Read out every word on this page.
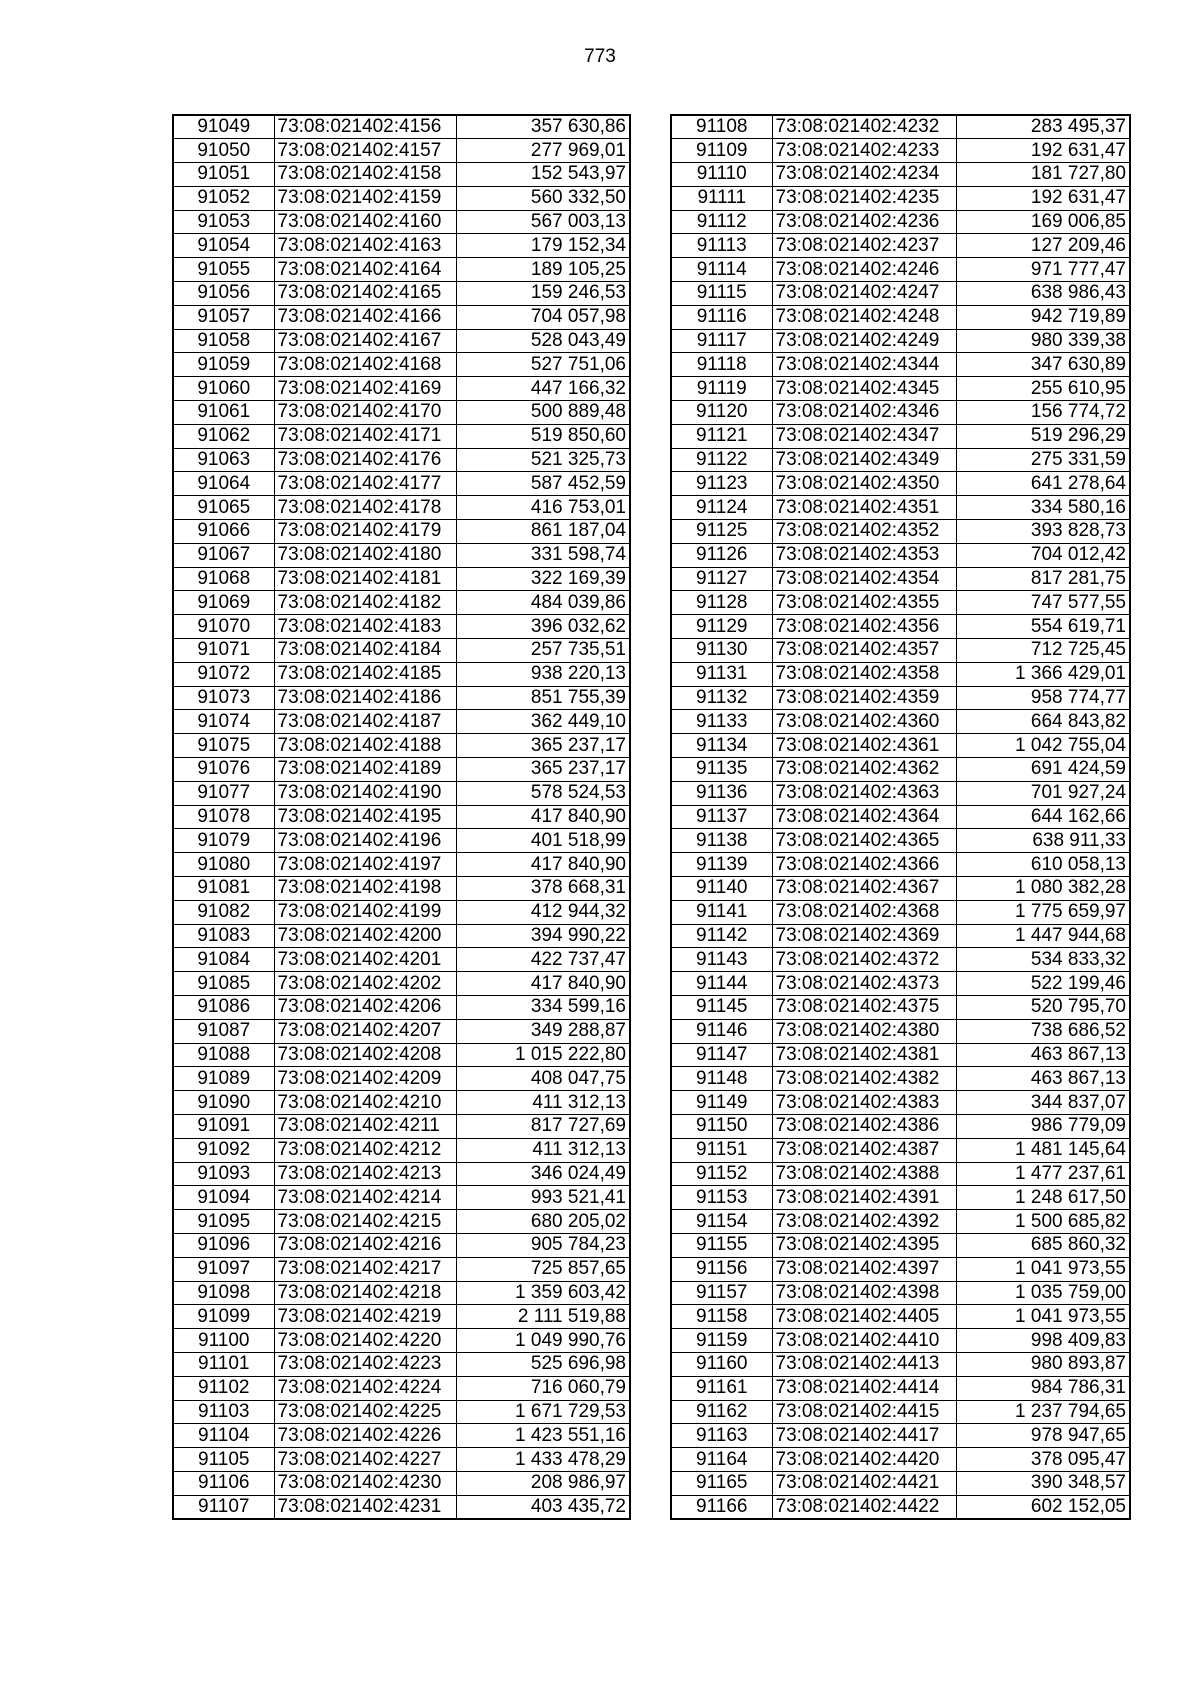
773
91049	73:08:021402:4156	357 630,86
91050	73:08:021402:4157	277 969,01
91051	73:08:021402:4158	152 543,97
91052	73:08:021402:4159	560 332,50
91053	73:08:021402:4160	567 003,13
91054	73:08:021402:4163	179 152,34
91055	73:08:021402:4164	189 105,25
91056	73:08:021402:4165	159 246,53
91057	73:08:021402:4166	704 057,98
91058	73:08:021402:4167	528 043,49
91059	73:08:021402:4168	527 751,06
91060	73:08:021402:4169	447 166,32
91061	73:08:021402:4170	500 889,48
91062	73:08:021402:4171	519 850,60
91063	73:08:021402:4176	521 325,73
91064	73:08:021402:4177	587 452,59
91065	73:08:021402:4178	416 753,01
91066	73:08:021402:4179	861 187,04
91067	73:08:021402:4180	331 598,74
91068	73:08:021402:4181	322 169,39
91069	73:08:021402:4182	484 039,86
91070	73:08:021402:4183	396 032,62
91071	73:08:021402:4184	257 735,51
91072	73:08:021402:4185	938 220,13
91073	73:08:021402:4186	851 755,39
91074	73:08:021402:4187	362 449,10
91075	73:08:021402:4188	365 237,17
91076	73:08:021402:4189	365 237,17
91077	73:08:021402:4190	578 524,53
91078	73:08:021402:4195	417 840,90
91079	73:08:021402:4196	401 518,99
91080	73:08:021402:4197	417 840,90
91081	73:08:021402:4198	378 668,31
91082	73:08:021402:4199	412 944,32
91083	73:08:021402:4200	394 990,22
91084	73:08:021402:4201	422 737,47
91085	73:08:021402:4202	417 840,90
91086	73:08:021402:4206	334 599,16
91087	73:08:021402:4207	349 288,87
91088	73:08:021402:4208	1 015 222,80
91089	73:08:021402:4209	408 047,75
91090	73:08:021402:4210	411 312,13
91091	73:08:021402:4211	817 727,69
91092	73:08:021402:4212	411 312,13
91093	73:08:021402:4213	346 024,49
91094	73:08:021402:4214	993 521,41
91095	73:08:021402:4215	680 205,02
91096	73:08:021402:4216	905 784,23
91097	73:08:021402:4217	725 857,65
91098	73:08:021402:4218	1 359 603,42
91099	73:08:021402:4219	2 111 519,88
91100	73:08:021402:4220	1 049 990,76
91101	73:08:021402:4223	525 696,98
91102	73:08:021402:4224	716 060,79
91103	73:08:021402:4225	1 671 729,53
91104	73:08:021402:4226	1 423 551,16
91105	73:08:021402:4227	1 433 478,29
91106	73:08:021402:4230	208 986,97
91107	73:08:021402:4231	403 435,72
91108	73:08:021402:4232	283 495,37
91109	73:08:021402:4233	192 631,47
91110	73:08:021402:4234	181 727,80
91111	73:08:021402:4235	192 631,47
91112	73:08:021402:4236	169 006,85
91113	73:08:021402:4237	127 209,46
91114	73:08:021402:4246	971 777,47
91115	73:08:021402:4247	638 986,43
91116	73:08:021402:4248	942 719,89
91117	73:08:021402:4249	980 339,38
91118	73:08:021402:4344	347 630,89
91119	73:08:021402:4345	255 610,95
91120	73:08:021402:4346	156 774,72
91121	73:08:021402:4347	519 296,29
91122	73:08:021402:4349	275 331,59
91123	73:08:021402:4350	641 278,64
91124	73:08:021402:4351	334 580,16
91125	73:08:021402:4352	393 828,73
91126	73:08:021402:4353	704 012,42
91127	73:08:021402:4354	817 281,75
91128	73:08:021402:4355	747 577,55
91129	73:08:021402:4356	554 619,71
91130	73:08:021402:4357	712 725,45
91131	73:08:021402:4358	1 366 429,01
91132	73:08:021402:4359	958 774,77
91133	73:08:021402:4360	664 843,82
91134	73:08:021402:4361	1 042 755,04
91135	73:08:021402:4362	691 424,59
91136	73:08:021402:4363	701 927,24
91137	73:08:021402:4364	644 162,66
91138	73:08:021402:4365	638 911,33
91139	73:08:021402:4366	610 058,13
91140	73:08:021402:4367	1 080 382,28
91141	73:08:021402:4368	1 775 659,97
91142	73:08:021402:4369	1 447 944,68
91143	73:08:021402:4372	534 833,32
91144	73:08:021402:4373	522 199,46
91145	73:08:021402:4375	520 795,70
91146	73:08:021402:4380	738 686,52
91147	73:08:021402:4381	463 867,13
91148	73:08:021402:4382	463 867,13
91149	73:08:021402:4383	344 837,07
91150	73:08:021402:4386	986 779,09
91151	73:08:021402:4387	1 481 145,64
91152	73:08:021402:4388	1 477 237,61
91153	73:08:021402:4391	1 248 617,50
91154	73:08:021402:4392	1 500 685,82
91155	73:08:021402:4395	685 860,32
91156	73:08:021402:4397	1 041 973,55
91157	73:08:021402:4398	1 035 759,00
91158	73:08:021402:4405	1 041 973,55
91159	73:08:021402:4410	998 409,83
91160	73:08:021402:4413	980 893,87
91161	73:08:021402:4414	984 786,31
91162	73:08:021402:4415	1 237 794,65
91163	73:08:021402:4417	978 947,65
91164	73:08:021402:4420	378 095,47
91165	73:08:021402:4421	390 348,57
91166	73:08:021402:4422	602 152,05
